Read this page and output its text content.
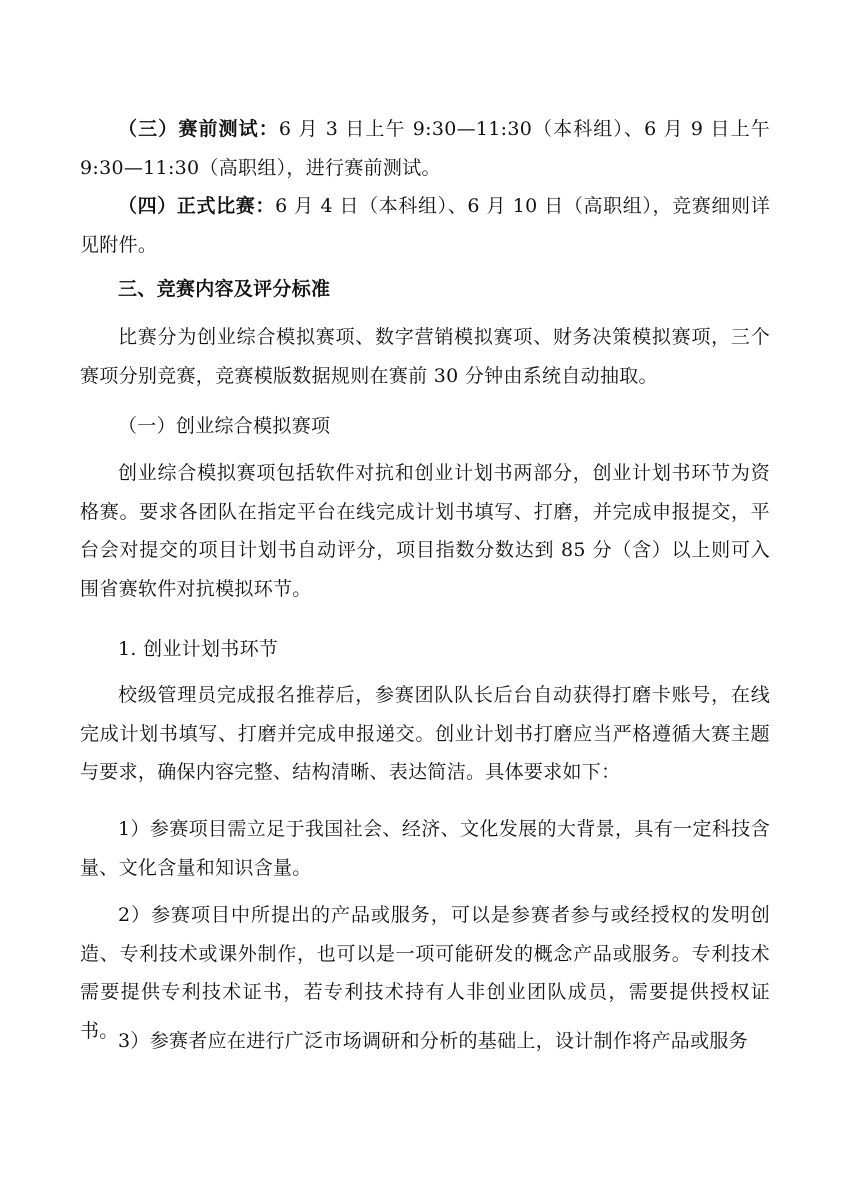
（三）赛前测试：6 月 3 日上午 9:30—11:30（本科组）、6 月 9 日上午 9:30—11:30（高职组），进行赛前测试。

（四）正式比赛：6 月 4 日（本科组）、6 月 10 日（高职组），竞赛细则详见附件。

三、竞赛内容及评分标准

比赛分为创业综合模拟赛项、数字营销模拟赛项、财务决策模拟赛项，三个赛项分别竞赛，竞赛模版数据规则在赛前 30 分钟由系统自动抽取。

（一）创业综合模拟赛项

创业综合模拟赛项包括软件对抗和创业计划书两部分，创业计划书环节为资格赛。要求各团队在指定平台在线完成计划书填写、打磨，并完成申报提交，平台会对提交的项目计划书自动评分，项目指数分数达到 85 分（含）以上则可入围省赛软件对抗模拟环节。

1. 创业计划书环节

校级管理员完成报名推荐后，参赛团队队长后台自动获得打磨卡账号，在线完成计划书填写、打磨并完成申报递交。创业计划书打磨应当严格遵循大赛主题与要求，确保内容完整、结构清晰、表达简洁。具体要求如下：

1）参赛项目需立足于我国社会、经济、文化发展的大背景，具有一定科技含量、文化含量和知识含量。

2）参赛项目中所提出的产品或服务，可以是参赛者参与或经授权的发明创造、专利技术或课外制作，也可以是一项可能研发的概念产品或服务。专利技术需要提供专利技术证书，若专利技术持有人非创业团队成员，需要提供授权证书。 3）参赛者应在进行广泛市场调研和分析的基础上，设计制作将产品或服务
